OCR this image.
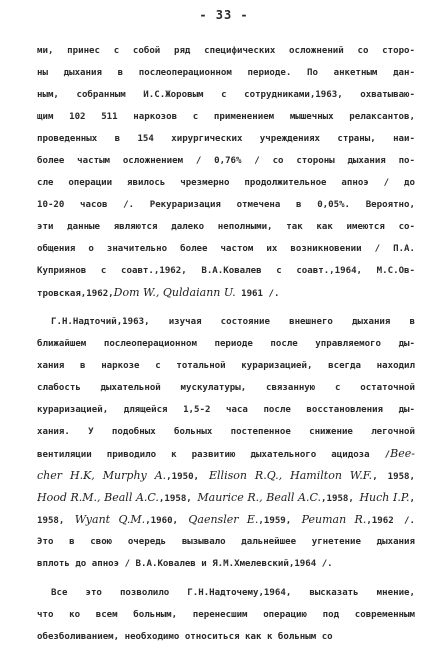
- 33 -
ми, принес с собой ряд специфических осложнений со сторо-
ны дыхания в послеоперационном периоде. По анкетным дан-
ным, собранным И.С.Жоровым с сотрудниками,1963, охватываю-
щим 102 511 наркозов с применением мышечных релаксантов,
проведенных в 154 хирургических учреждениях страны, наи-
более частым осложнением / 0,76% / со стороны дыхания по-
сле операции явилось чрезмерно продолжительное апноэ / до
10-20 часов /. Рекураризация отмечена в 0,05%. Вероятно,
эти данные являются далеко неполными, так как имеются со-
общения о значительно более частом их возникновении / П.А.
Куприянов с соавт.,1962, В.А.Ковалев с соавт.,1964, М.С.Ов-
тровская,1962,Dom W., Quldaiann U. 1961 /.
Г.Н.Надточий,1963, изучая состояние внешнего дыхания в
ближайшем послеоперационном периоде после управляемого ды-
хания в наркозе с тотальной кураризацией, всегда находил
слабость дыхательной мускулатуры, связанную с остаточной
кураризацией, длящейся 1,5-2 часа после восстановления ды-
хания. У подобных больных постепенное снижение легочной
вентиляции приводило к развитию дыхательного ацидоза /Bee-
cher H.K, Murphy A.,1950, Ellison R.Q., Hamilton W.F., 1958,
Hood R.M., Beall A.C.,1958, Maurice R., Beall A.C.,1958, Huch I.P.,
1958, Wyant Q.M.,1960, Qaensler E.,1959, Peuman R.,1962 /.
Это в свою очередь вызывало дальнейшее угнетение дыхания
вплоть до апноэ / В.А.Ковалев и Я.М.Хмелевский,1964 /.
Все это позволило Г.Н.Надточему,1964, высказать мнение,
что ко всем больным, перенесшим операцию под современным
обезболиванием, необходимо относиться как к больным со
